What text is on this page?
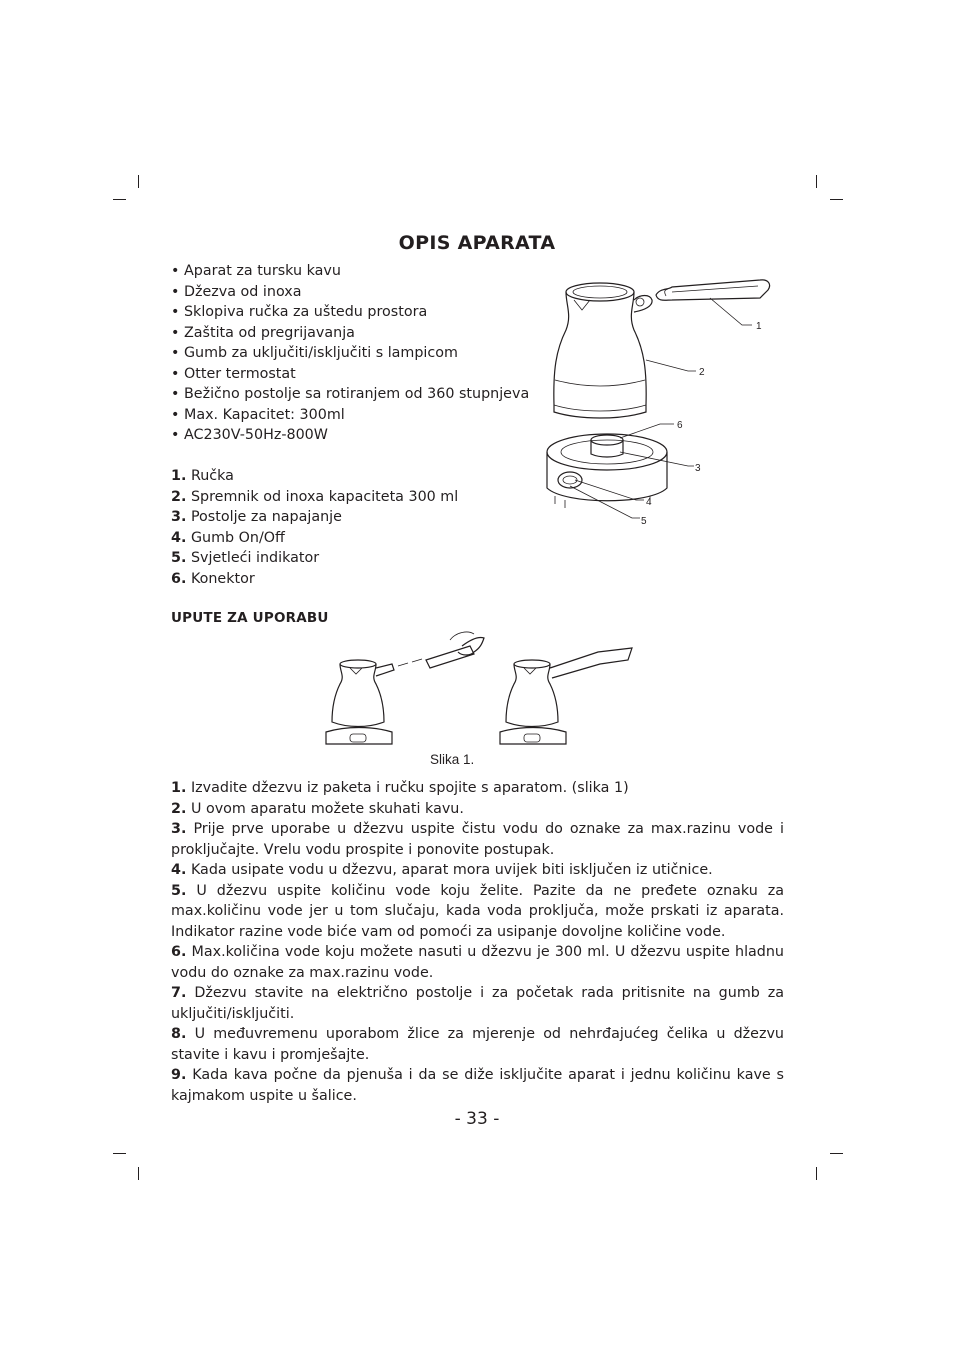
OPIS APARATA
• Aparat za tursku kavu
• Džezva od inoxa
• Sklopiva ručka za uštedu prostora
• Zaštita od pregrijavanja
• Gumb za uključiti/isključiti s lampicom
• Otter termostat
• Bežično postolje sa rotiranjem od 360 stupnjeva
• Max. Kapacitet: 300ml
• AC230V-50Hz-800W
1. Ručka
2. Spremnik od inoxa kapaciteta 300 ml
3. Postolje za napajanje
4. Gumb On/Off
5. Svjetleći indikator
6. Konektor
1
2
3
4
5
6
UPUTE ZA UPORABU
Slika 1.

1. Izvadite džezvu iz paketa i ručku spojite s aparatom. (slika 1)

2. U ovom aparatu možete skuhati kavu.

3. Prije prve uporabe u džezvu uspite čistu vodu do oznake za max.razinu vode i proključajte. Vrelu vodu prospite i ponovite postupak.

4. Kada usipate vodu u džezvu, aparat mora uvijek biti isključen iz utičnice.

5. U džezvu uspite količinu vode koju želite. Pazite da ne pređete oznaku za max.količinu vode jer u tom slučaju, kada voda proključa, može prskati iz aparata. Indikator razine vode biće vam od pomoći za usipanje dovoljne količine vode.

6. Max.količina vode koju možete nasuti u džezvu je 300 ml. U džezvu uspite hladnu vodu do oznake za max.razinu vode.

7. Džezvu stavite na električno postolje i za početak rada pritisnite na gumb za uključiti/isključiti.

8. U međuvremenu uporabom žlice za mjerenje od nehrđajućeg čelika u džezvu stavite i kavu i promješajte.

9. Kada kava počne da pjenuša i da se diže isključite aparat i jednu količinu kave s kajmakom uspite u šalice.

- 33 -
